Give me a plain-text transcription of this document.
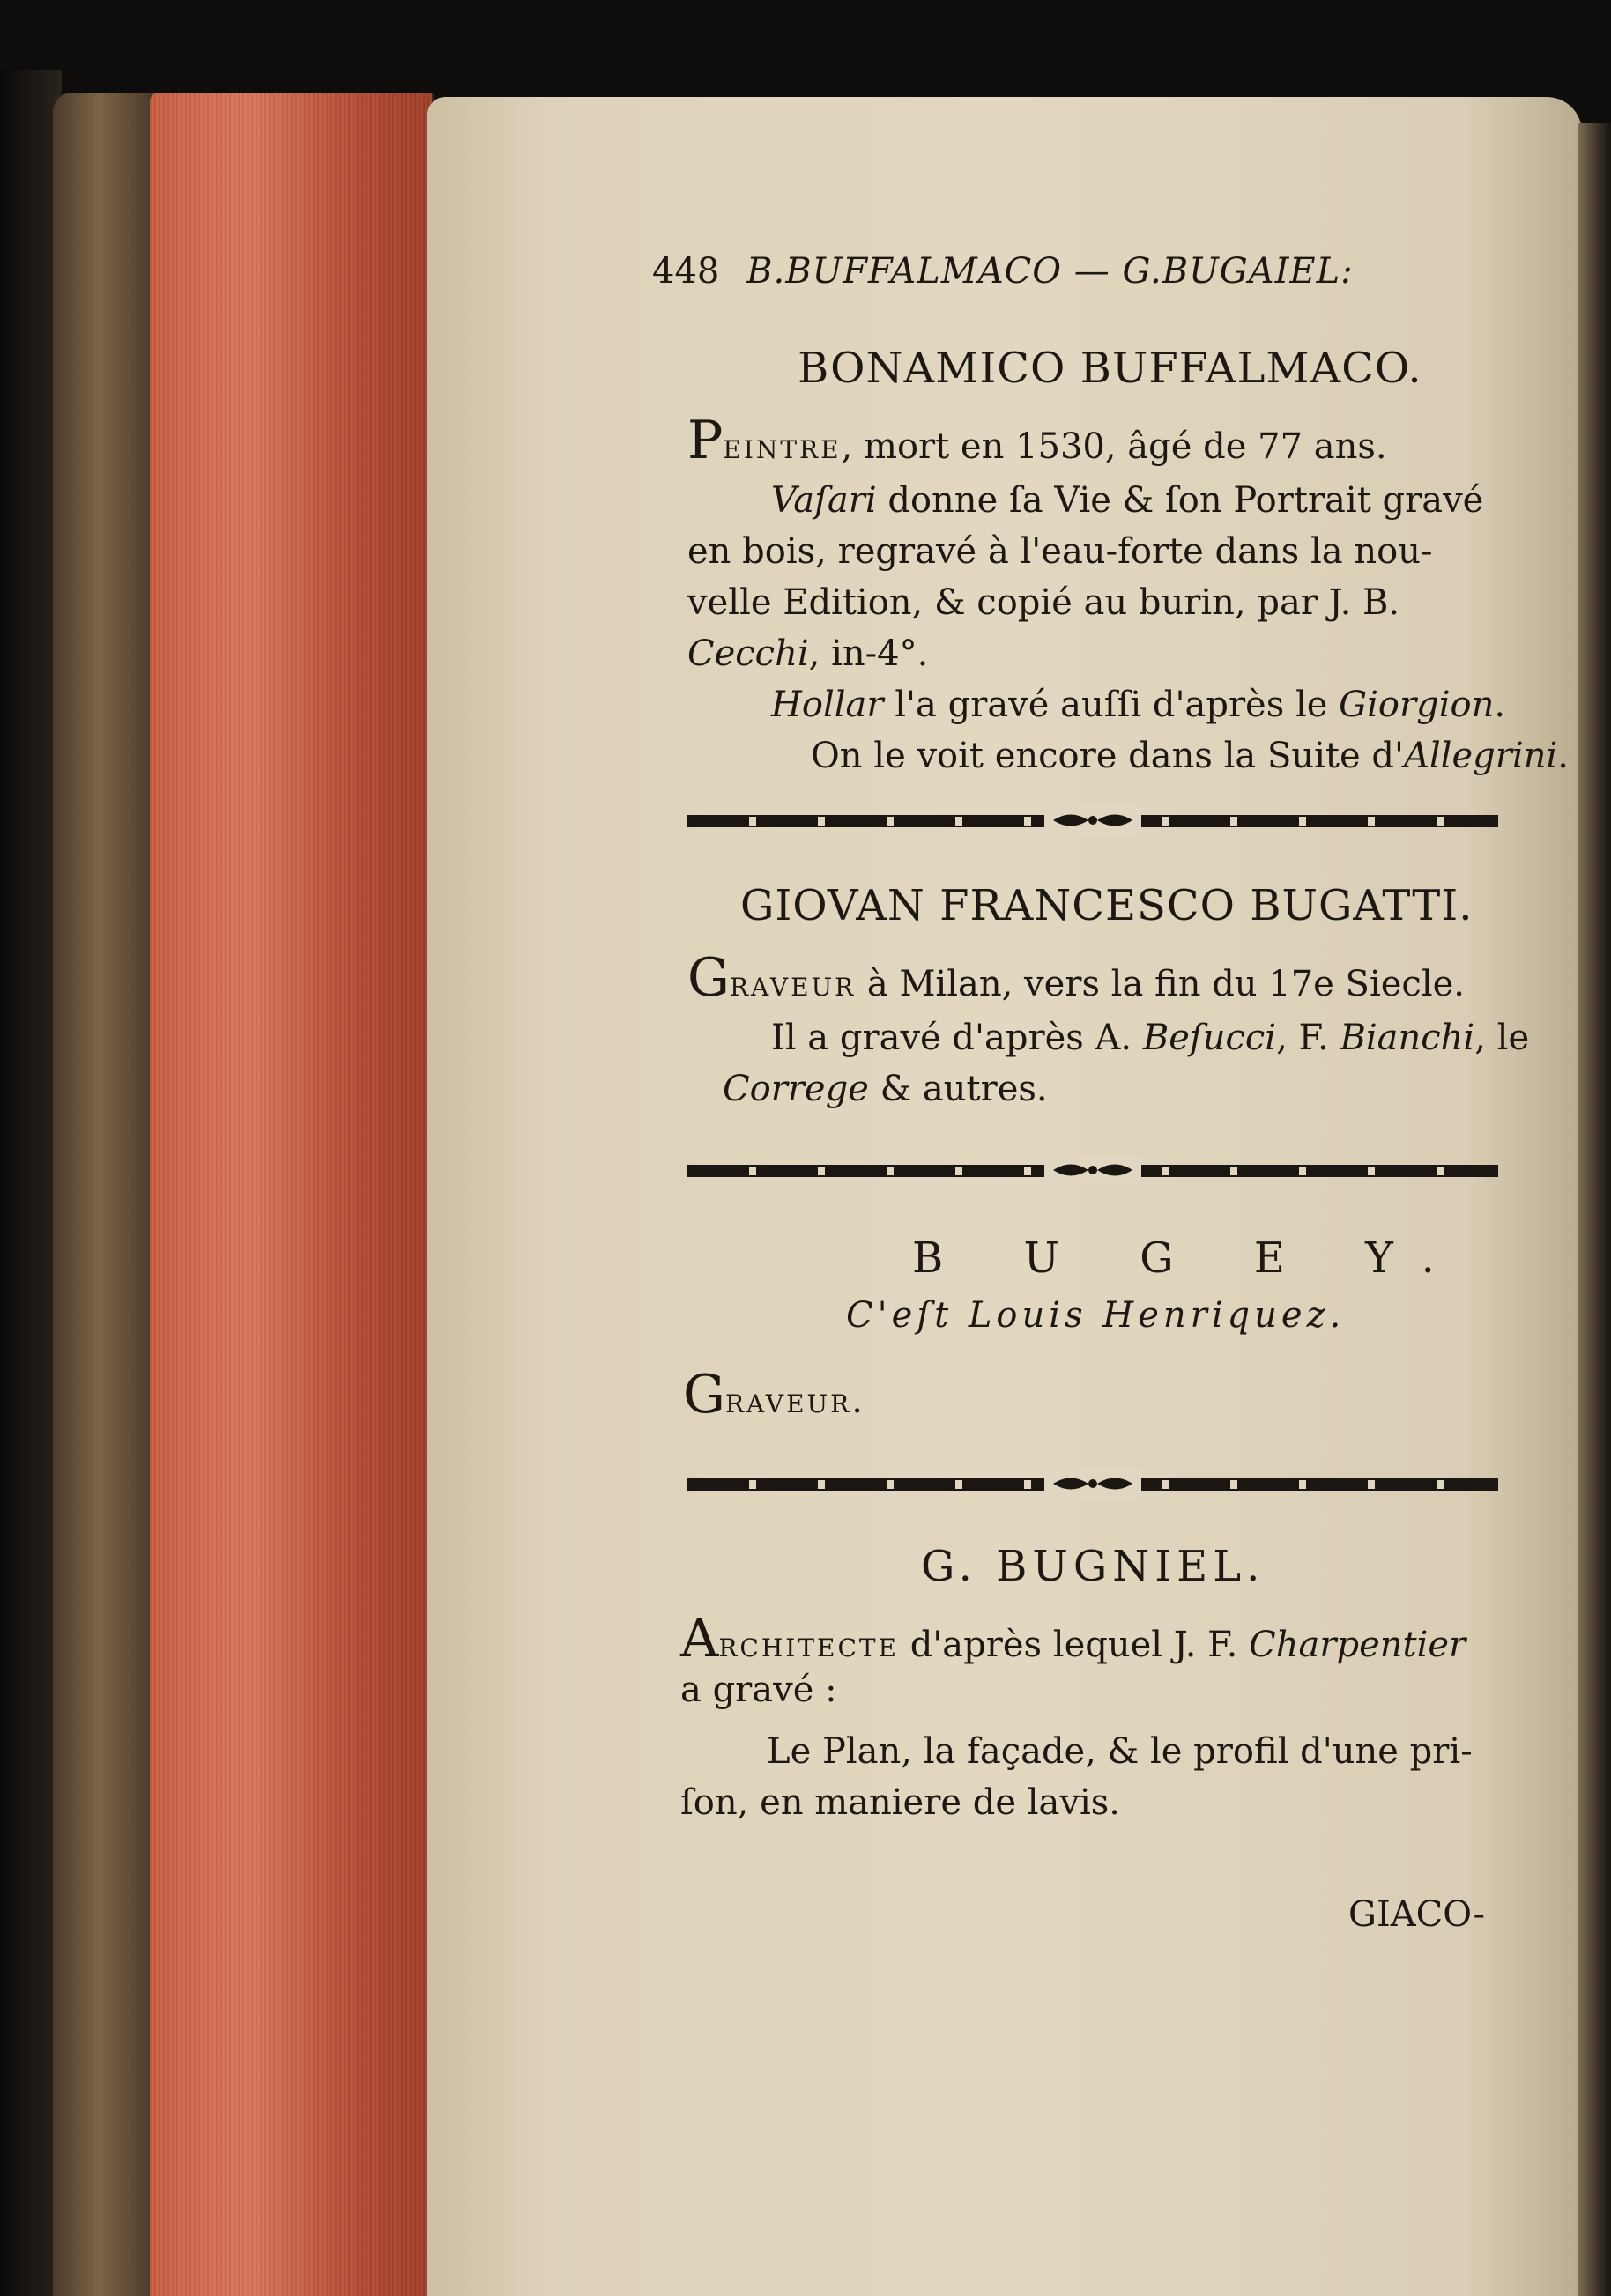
448 B.BUFFALMACO — G.BUGAIEL:
BONAMICO BUFFALMACO.
PEINTRE, mort en 1530, âgé de 77 ans.
Vaſari donne ſa Vie & ſon Portrait gravé
en bois, regravé à l'eau-forte dans la nou-
velle Edition, & copié au burin, par J. B.
Cecchi, in-4°.
Hollar l'a gravé auſſi d'après le Giorgion.
On le voit encore dans la Suite d'Allegrini.
GIOVAN FRANCESCO BUGATTI.
GRAVEUR à Milan, vers la fin du 17e Siecle.
Il a gravé d'après A. Beſucci, F. Bianchi, le
Correge & autres.
B U G E Y.
C'eſt Louis Henriquez.
GRAVEUR.
G. BUGNIEL.
ARCHITECTE d'après lequel J. F. Charpentier
a gravé :
Le Plan, la façade, & le profil d'une pri-
ſon, en maniere de lavis.
GIACO-
